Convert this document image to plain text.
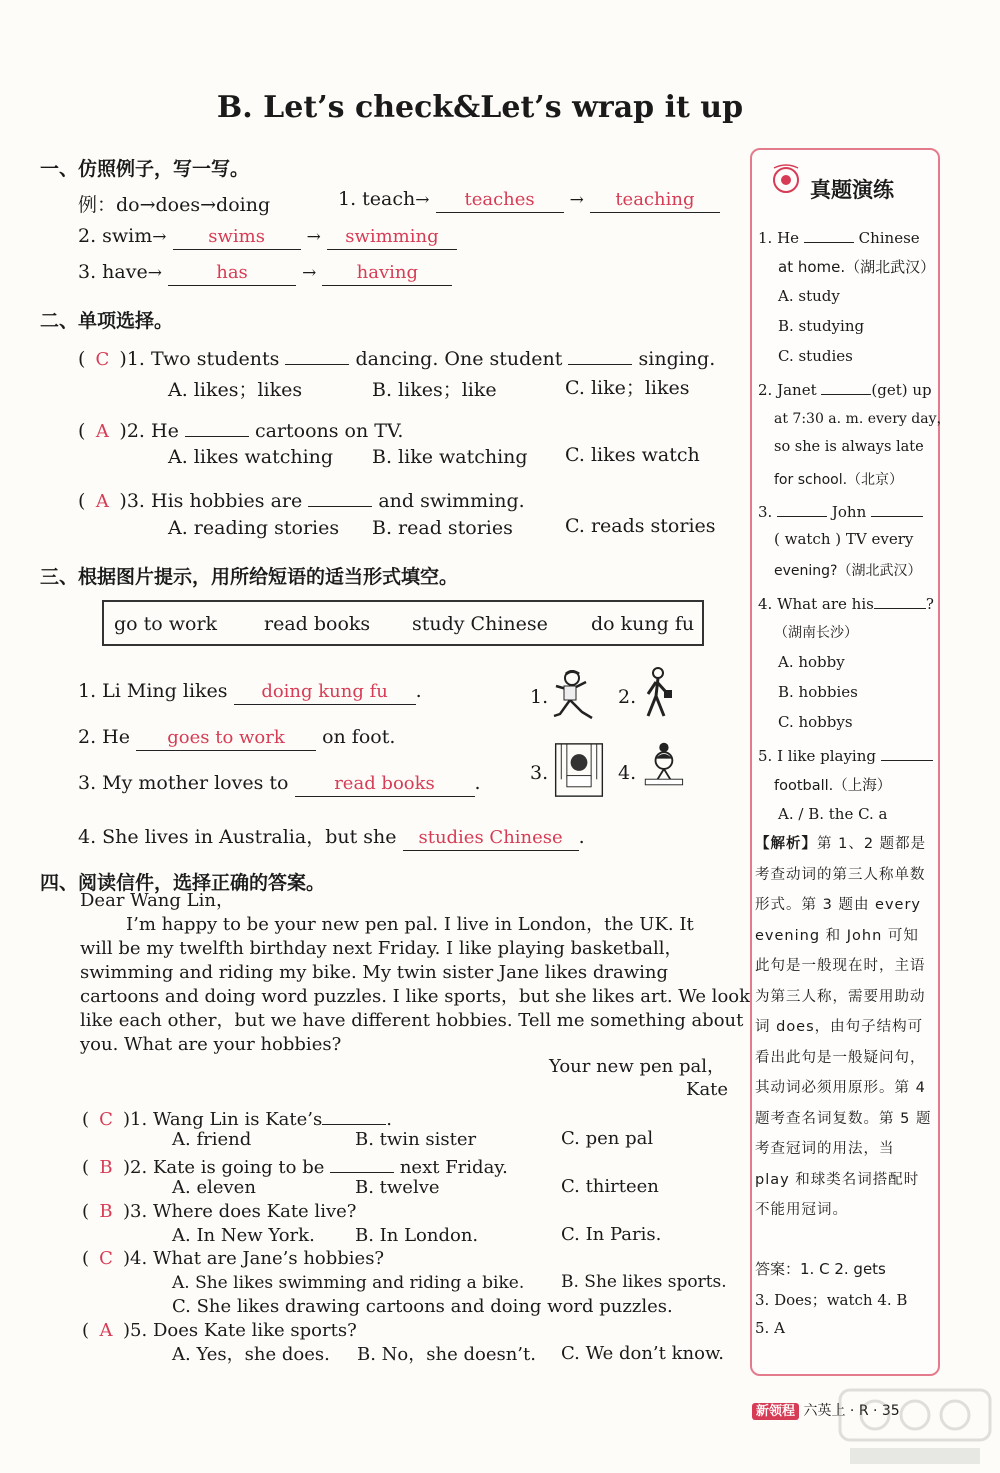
B. Let’s check&Let’s wrap it up
一、仿照例子，写一写。
例：do→does→doing	1. teach→ teaches → teaching
2. swim→ swims → swimming
3. have→	has	→ having
二、单项选择。
( C )1. Two students	dancing. One student	singing.
A. likes；likes	B. likes；like	C. like；likes
( A )2. He	cartoons on TV.
A. likes watching B. like watching C. likes watch
( A )3. His hobbies are	and swimming.
A. reading stories B. read stories	C. reads stories
三、根据图片提示，用所给短语的适当形式填空。
go to work read books study Chinese do kung fu
1. Li Ming likes doing kung fu .
2. He goes to work on foot.
3. My mother loves to	read books .
4. She lives in Australia，but she studies Chinese .
1.	2.
3.	4.
四、阅读信件，选择正确的答案。
Dear Wang Lin，
I’m happy to be your new pen pal. I live in London，the UK. It
will be my twelfth birthday next Friday. I like playing basketball，
swimming and riding my bike. My twin sister Jane likes drawing
cartoons and doing word puzzles. I like sports，but she likes art. We look
like each other，but we have different hobbies. Tell me something about
you. What are your hobbies?
Your new pen pal，
Kate
( C )1. Wang Lin is Kate’s	.
A. friend	B. twin sister	C. pen pal
( B )2. Kate is going to be	next Friday.
A. eleven	B. twelve	C. thirteen
( B )3. Where does Kate live?
A. In New York. B. In London.	C. In Paris.
( C )4. What are Jane’s hobbies?
A. She likes swimming and riding a bike. B. She likes sports.
C. She likes drawing cartoons and doing word puzzles.
( A )5. Does Kate like sports?
A. Yes，she does. B. No，she doesn’t. C. We don’t know.
真题演练
1. He	Chinese
at home.（湖北武汉）
A. study
B. studying
C. studies
2. Janet	(get) up
at 7:30 a. m. every day，
so she is always late
for school.（北京）
3.	John
( watch ) TV every
evening?（湖北武汉）
4. What are his	?
（湖南长沙）
A. hobby
B. hobbies
C. hobbys
5. I like playing
football.（上海）
A. / B. the C. a
【解析】第 1、2 题都是考查动词的第三人称单数形式。第 3 题由 every evening 和 John 可知此句是一般现在时，主语为第三人称，需要用助动词 does，由句子结构可看出此句是一般疑问句，其动词必须用原形。第 4 题考查名词复数。第 5 题考查冠词的用法，当 play 和球类名词搭配时不能用冠词。
答案：1. C 2. gets
3. Does；watch 4. B
5. A
新领程 六英上 · R · 35
